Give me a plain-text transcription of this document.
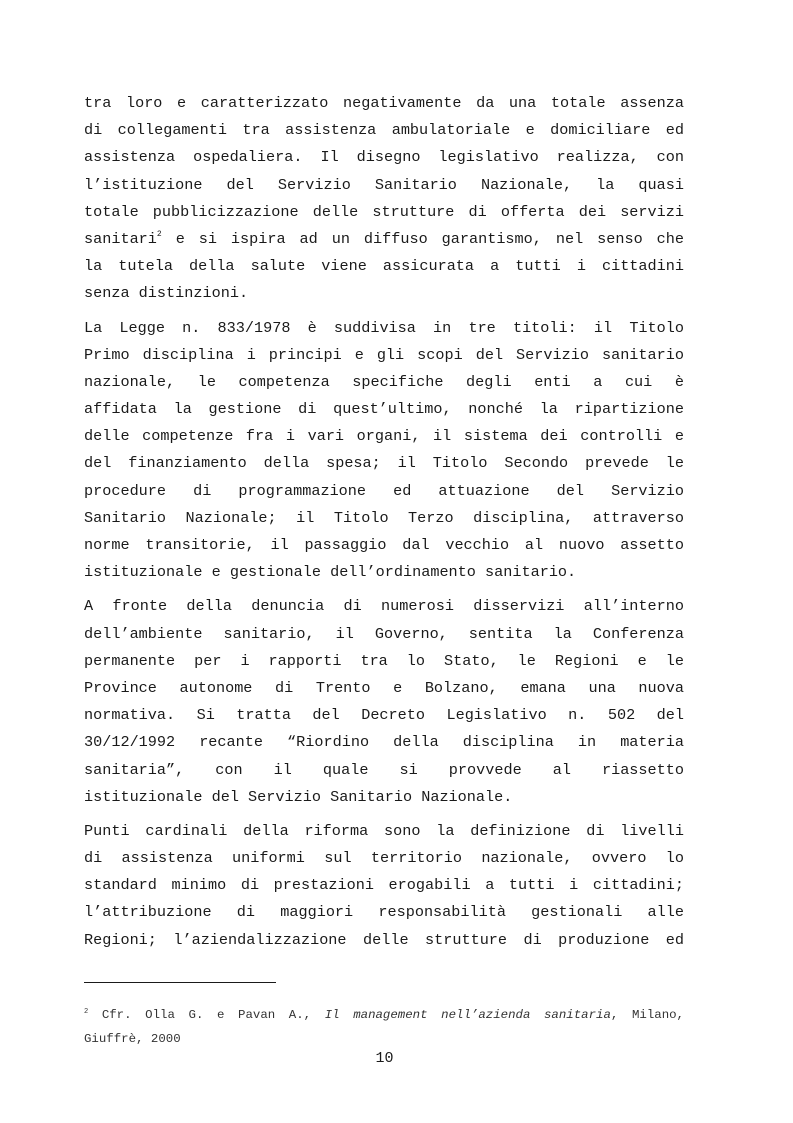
tra loro e caratterizzato negativamente da una totale assenza
di collegamenti tra assistenza ambulatoriale e domiciliare ed
assistenza ospedaliera. Il disegno legislativo realizza, con
l’istituzione del Servizio Sanitario Nazionale, la quasi
totale pubblicizzazione delle strutture di offerta dei servizi
sanitari$^2$ e si ispira ad un diffuso garantismo, nel senso che
la tutela della salute viene assicurata a tutti i cittadini
senza distinzioni.
La Legge n. 833/1978 è suddivisa in tre titoli: il Titolo
Primo disciplina i principi e gli scopi del Servizio sanitario
nazionale, le competenza specifiche degli enti a cui è
affidata la gestione di quest’ultimo, nonché la ripartizione
delle competenze fra i vari organi, il sistema dei controlli e
del finanziamento della spesa; il Titolo Secondo prevede le
procedure di programmazione ed attuazione del Servizio
Sanitario Nazionale; il Titolo Terzo disciplina, attraverso
norme transitorie, il passaggio dal vecchio al nuovo assetto
istituzionale e gestionale dell’ordinamento sanitario.
A fronte della denuncia di numerosi disservizi all’interno
dell’ambiente sanitario, il Governo, sentita la Conferenza
permanente per i rapporti tra lo Stato, le Regioni e le
Province autonome di Trento e Bolzano, emana una nuova
normativa. Si tratta del Decreto Legislativo n. 502 del
30/12/1992 recante “Riordino della disciplina in materia
sanitaria”, con il quale si provvede al riassetto
istituzionale del Servizio Sanitario Nazionale.
Punti cardinali della riforma sono la definizione di livelli
di assistenza uniformi sul territorio nazionale, ovvero lo
standard minimo di prestazioni erogabili a tutti i cittadini;
l’attribuzione di maggiori responsabilità gestionali alle
Regioni; l’aziendalizzazione delle strutture di produzione ed
$^2$ Cfr. Olla G. e Pavan A., Il management nell’azienda sanitaria, Milano,
Giuffrè, 2000
10
